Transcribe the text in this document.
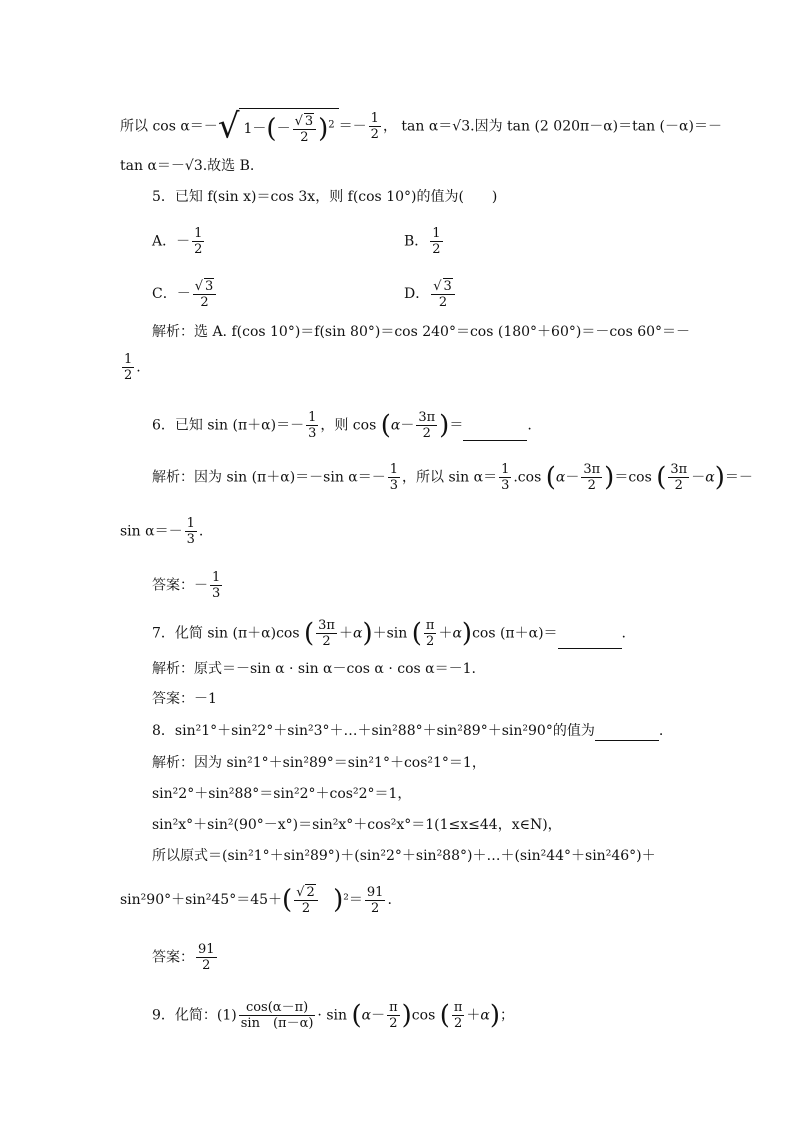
所以 cos α＝－√ $1-(- \frac{√ 3}{2} )^2 =- \frac{1}{2}$ ， tan α＝√3.因为 tan (2 020π－α)＝tan (－α)＝－
tan α＝－√3.故选 B.
5．已知 f(sin x)＝cos 3x，则 f(cos 10°)的值为(　　)
A．－ $\frac{1}{2}$	B． $\frac{1}{2}$
C．－ $\frac{√ 3}{2}$	D． $\frac{√ 3}{2}$
解析：选 A. f(cos 10°)＝f(sin 80°)＝cos 240°＝cos (180°＋60°)＝－cos 60°＝－
$\frac{1}{2}$ .
6．已知 $\sin (\pi+\alpha)=- \frac{1}{3}$ ，则 $\cos (\alpha- \frac{3\pi}{2}$ )＝	.
解析：因为 sin (π＋α)＝－sin $\alpha=- \frac{1}{3}$ ，所以 $\sin \alpha= \frac{1}{3} .\cos$ $(\alpha- \frac{3\pi}{2} )=\cos$ ( $\frac{3\pi}{2} -\alpha)=-$
$\sin \alpha=- \frac{1}{3}$ .
答案：－ $\frac{1}{3}$
7．化简 sin (π＋α)cos ( $\frac{3\pi}{2} +\alpha)+\sin$ ( $\frac{\pi}{2} +\alpha)\cos$ (π＋α)＝	.
解析：原式＝－sin α · sin α－cos α · cos α＝－1.
答案：－1
8．sin²1°＋sin²2°＋sin²3°＋…＋sin²88°＋sin²89°＋sin²90°的值为	.
解析：因为 sin²1°＋sin²89°＝sin²1°＋cos²1°＝1，
sin²2°＋sin²88°＝sin²2°＋cos²2°＝1，
sin²x°＋sin²(90°－x°)＝sin²x°＋cos²x°＝1(1≤x≤44，x∈N)，
所以原式＝(sin²1°＋sin²89°)＋(sin²2°＋sin²88°)＋…＋(sin²44°＋sin²46°)＋
$\sin^290^\circ+\sin^245^\circ=45+( \frac{√ 2}{2} )^2= \frac{91}{2}$ .
答案： $\frac{91}{2}$
9．化简：$(1) \frac{\cos(\alpha-\pi)}{\sin (\pi-\alpha)} \cdot \sin (\alpha- \frac{\pi}{2} )\cos$ ( $\frac{\pi}{2} +\alpha$)；
